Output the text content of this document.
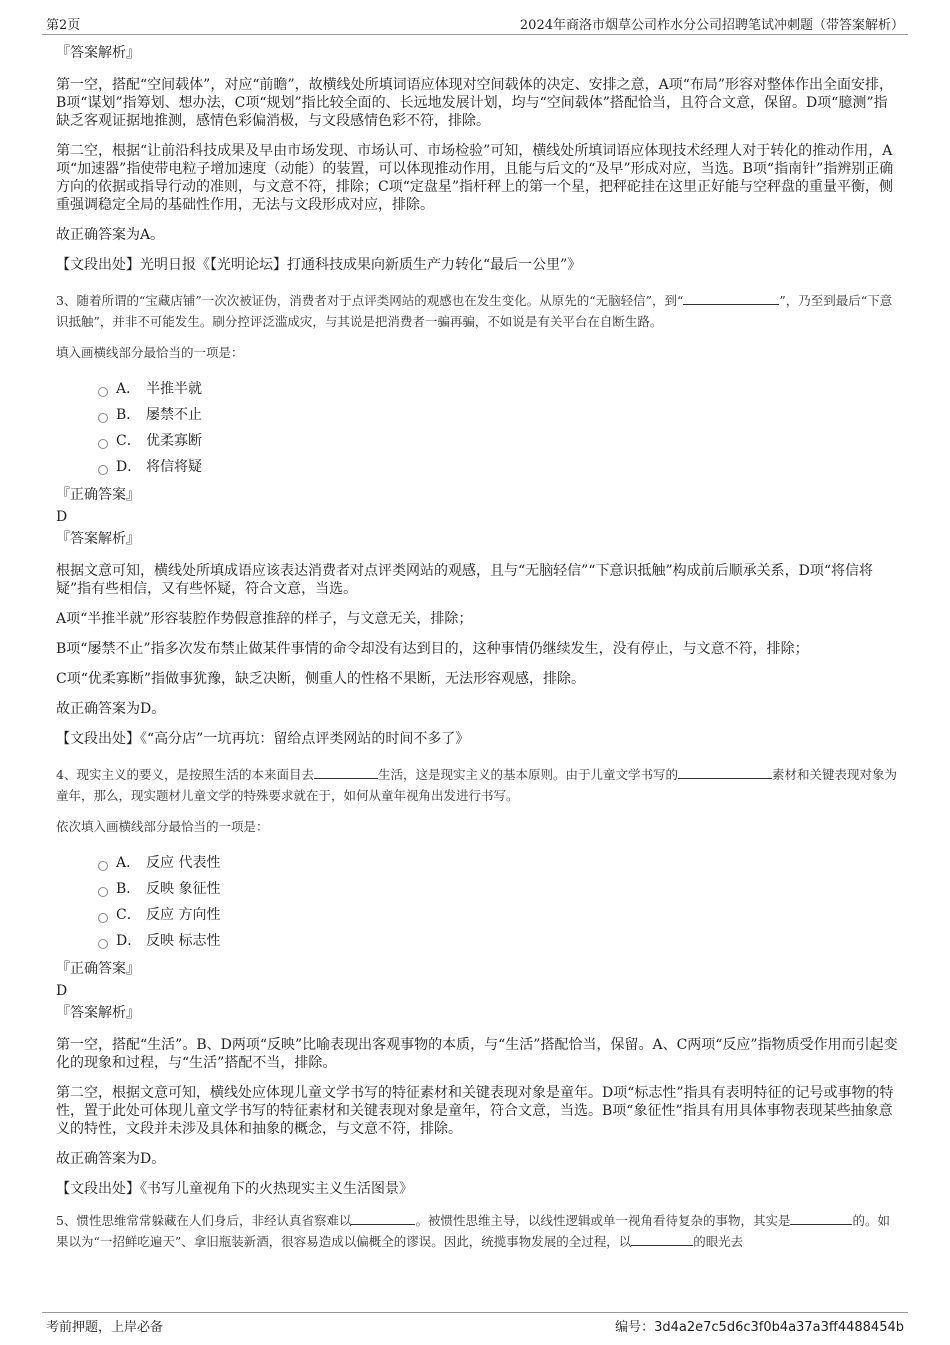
第2页	2024年商洛市烟草公司柞水分公司招聘笔试冲刺题（带答案解析）
『答案解析』

第一空，搭配“空间载体”，对应“前瞻”，故横线处所填词语应体现对空间载体的决定、安排之意，A项“布局”形容对整体作出全面安排，B项“谋划”指筹划、想办法，C项“规划”指比较全面的、长远地发展计划，均与“空间载体”搭配恰当，且符合文意，保留。D项“臆测”指缺乏客观证据地推测，感情色彩偏消极，与文段感情色彩不符，排除。

第二空，根据“让前沿科技成果及早由市场发现、市场认可、市场检验”可知，横线处所填词语应体现技术经理人对于转化的推动作用，A项“加速器”指使带电粒子增加速度（动能）的装置，可以体现推动作用，且能与后文的“及早”形成对应，当选。B项“指南针”指辨别正确方向的依据或指导行动的准则，与文意不符，排除；C项“定盘星”指杆秤上的第一个星，把秤砣挂在这里正好能与空秤盘的重量平衡，侧重强调稳定全局的基础性作用，无法与文段形成对应，排除。

故正确答案为A。

【文段出处】光明日报《【光明论坛】打通科技成果向新质生产力转化“最后一公里”》

3、随着所谓的“宝藏店铺”一次次被证伪，消费者对于点评类网站的观感也在发生变化。从原先的“无脑轻信”，到“	”，乃至到最后“下意识抵触”，并非不可能发生。刷分控评泛滥成灾，与其说是把消费者一骗再骗，不如说是有关平台在自断生路。
填入画横线部分最恰当的一项是：
A． 半推半就
B． 屡禁不止
C． 优柔寡断
D． 将信将疑
『正确答案』
D
『答案解析』

根据文意可知，横线处所填成语应该表达消费者对点评类网站的观感，且与“无脑轻信”“下意识抵触”构成前后顺承关系，D项“将信将疑”指有些相信，又有些怀疑，符合文意，当选。

A项“半推半就”形容装腔作势假意推辞的样子，与文意无关，排除；

B项“屡禁不止”指多次发布禁止做某件事情的命令却没有达到目的，这种事情仍继续发生，没有停止，与文意不符，排除；

C项“优柔寡断”指做事犹豫，缺乏决断，侧重人的性格不果断，无法形容观感，排除。

故正确答案为D。

【文段出处】《“高分店”一坑再坑：留给点评类网站的时间不多了》

4、现实主义的要义，是按照生活的本来面目去	生活，这是现实主义的基本原则。由于儿童文学书写的	素材和关键表现对象为童年，那么，现实题材儿童文学的特殊要求就在于，如何从童年视角出发进行书写。
依次填入画横线部分最恰当的一项是：
A． 反应 代表性
B． 反映 象征性
C． 反应 方向性
D． 反映 标志性
『正确答案』
D
『答案解析』

第一空，搭配“生活”。B、D两项“反映”比喻表现出客观事物的本质，与“生活”搭配恰当，保留。A、C两项“反应”指物质受作用而引起变化的现象和过程，与“生活”搭配不当，排除。

第二空，根据文意可知，横线处应体现儿童文学书写的特征素材和关键表现对象是童年。D项“标志性”指具有表明特征的记号或事物的特性，置于此处可体现儿童文学书写的特征素材和关键表现对象是童年，符合文意，当选。B项“象征性”指具有用具体事物表现某些抽象意义的特性，文段并未涉及具体和抽象的概念，与文意不符，排除。

故正确答案为D。

【文段出处】《书写儿童视角下的火热现实主义生活图景》

5、惯性思维常常躲藏在人们身后，非经认真省察难以	。被惯性思维主导，以线性逻辑或单一视角看待复杂的事物，其实是	的。如果以为“一招鲜吃遍天”、拿旧瓶装新酒，很容易造成以偏概全的谬误。因此，统揽事物发展的全过程，以	的眼光去
考前押题，上岸必备	编号：3d4a2e7c5d6c3f0b4a37a3ff4488454b
